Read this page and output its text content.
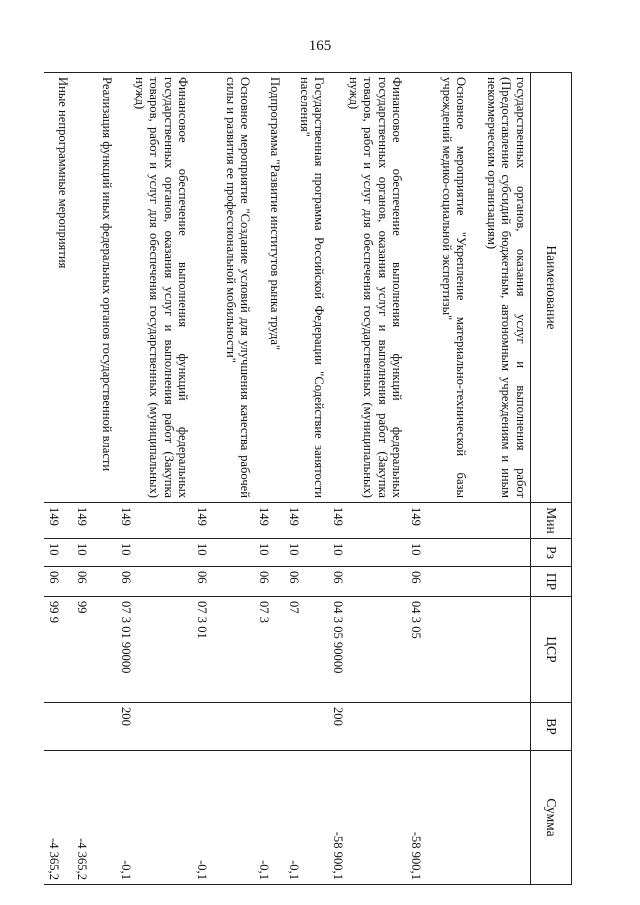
165
Наименование	Мин	Рз	ПР	ЦСР	ВР	Сумма
государственных органов, оказания услуг и выполнения работ (Предоставление субсидий бюджетным, автономным учреждениям и иным некоммерческим организациям)						
Основное мероприятие "Укрепление материально-технической базы учреждений медико-социальной экспертизы"	149	10	06	04 3 05		-58 900,1
Финансовое обеспечение выполнения функций федеральных государственных органов, оказания услуг и выполнения работ (Закупка товаров, работ и услуг для обеспечения государственных (муниципальных) нужд)	149	10	06	04 3 05 90000	200	-58 900,1
Государственная программа Российской Федерации "Содействие занятости населения"	149	10	06	07		-0,1
Подпрограмма "Развитие институтов рынка труда"	149	10	06	07 3		-0,1
Основное мероприятие "Создание условий для улучшения качества рабочей силы и развития ее профессиональной мобильности"	149	10	06	07 3 01		-0,1
Финансовое обеспечение выполнения функций федеральных государственных органов, оказания услуг и выполнения работ (Закупка товаров, работ и услуг для обеспечения государственных (муниципальных) нужд)	149	10	06	07 3 01 90000	200	-0,1
Реализация функций иных федеральных органов государственной власти	149	10	06	99		-4 365,2
Иные непрограммные мероприятия	149	10	06	99 9		-4 365,2
